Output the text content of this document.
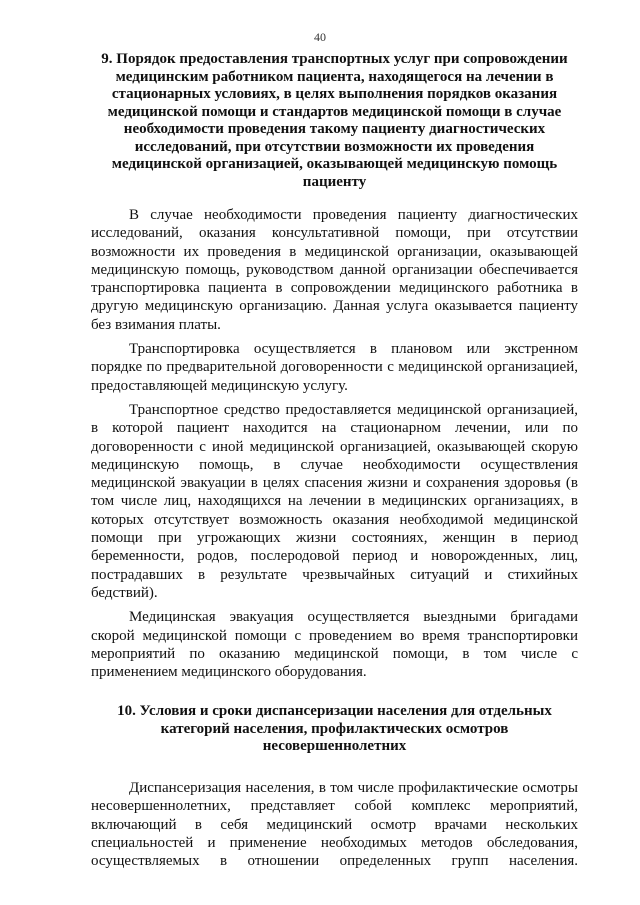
40

9. Порядок предоставления транспортных услуг при сопровождении медицинским работником пациента, находящегося на лечении в стационарных условиях, в целях выполнения порядков оказания медицинской помощи и стандартов медицинской помощи в случае необходимости проведения такому пациенту диагностических исследований, при отсутствии возможности их проведения медицинской организацией, оказывающей медицинскую помощь пациенту

В случае необходимости проведения пациенту диагностических исследований, оказания консультативной помощи, при отсутствии возможности их проведения в медицинской организации, оказывающей медицинскую помощь, руководством данной организации обеспечивается транспортировка пациента в сопровождении медицинского работника в другую медицинскую организацию. Данная услуга оказывается пациенту без взимания платы.

Транспортировка осуществляется в плановом или экстренном порядке по предварительной договоренности с медицинской организацией, предоставляющей медицинскую услугу.

Транспортное средство предоставляется медицинской организацией, в которой пациент находится на стационарном лечении, или по договоренности с иной медицинской организацией, оказывающей скорую медицинскую помощь, в случае необходимости осуществления медицинской эвакуации в целях спасения жизни и сохранения здоровья (в том числе лиц, находящихся на лечении в медицинских организациях, в которых отсутствует возможность оказания необходимой медицинской помощи при угрожающих жизни состояниях, женщин в период беременности, родов, послеродовой период и новорожденных, лиц, пострадавших в результате чрезвычайных ситуаций и стихийных бедствий).

Медицинская эвакуация осуществляется выездными бригадами скорой медицинской помощи с проведением во время транспортировки мероприятий по оказанию медицинской помощи, в том числе с применением медицинского оборудования.

10. Условия и сроки диспансеризации населения для отдельных категорий населения, профилактических осмотров несовершеннолетних

Диспансеризация населения, в том числе профилактические осмотры несовершеннолетних, представляет собой комплекс мероприятий, включающий в себя медицинский осмотр врачами нескольких специальностей и применение необходимых методов обследования, осуществляемых в отношении определенных групп населения.
